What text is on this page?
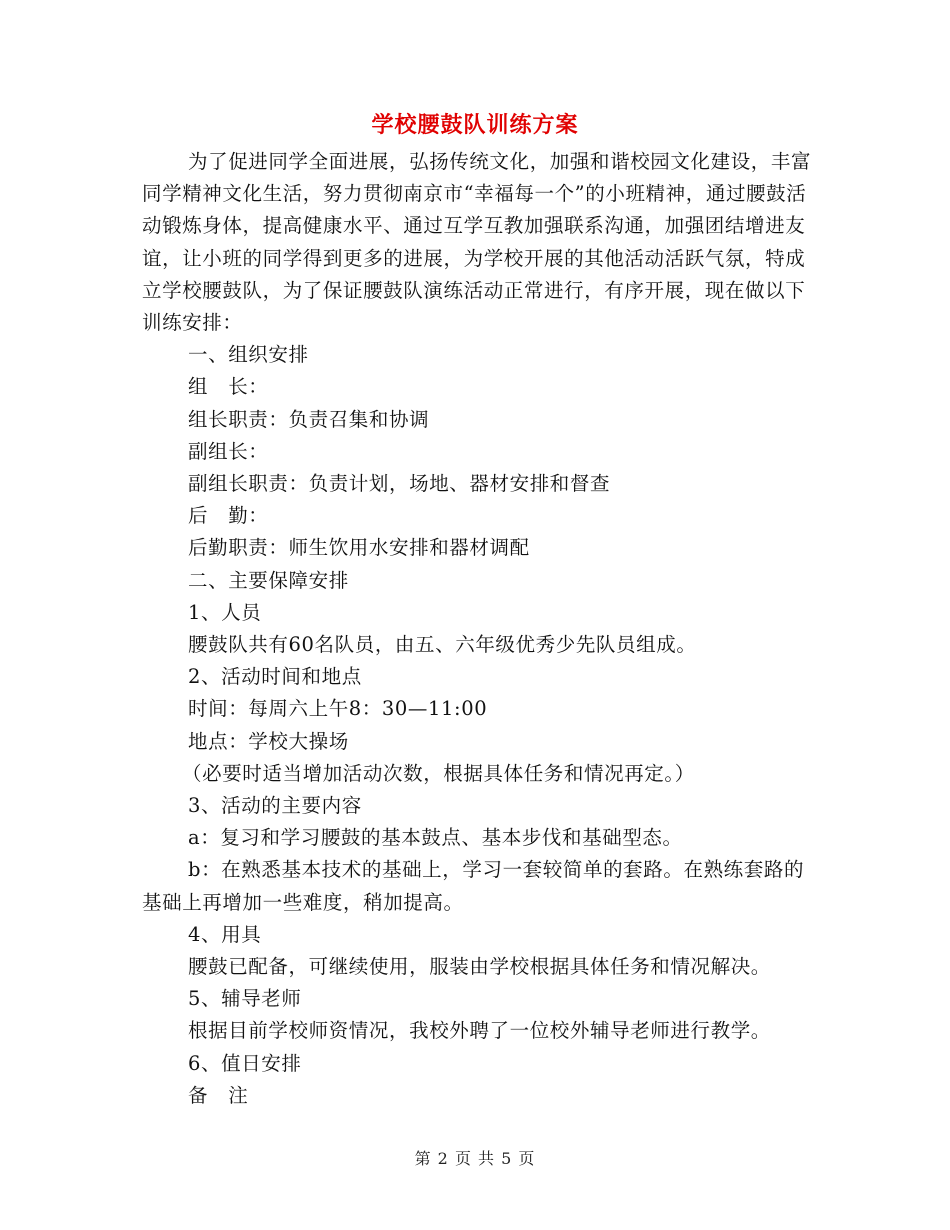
学校腰鼓队训练方案

为了促进同学全面进展，弘扬传统文化，加强和谐校园文化建设，丰富同学精神文化生活，努力贯彻南京市“幸福每一个”的小班精神，通过腰鼓活动锻炼身体，提高健康水平、通过互学互教加强联系沟通，加强团结增进友谊，让小班的同学得到更多的进展，为学校开展的其他活动活跃气氛，特成立学校腰鼓队，为了保证腰鼓队演练活动正常进行，有序开展，现在做以下训练安排：

一、组织安排

组　长：

组长职责：负责召集和协调

副组长：

副组长职责：负责计划，场地、器材安排和督查

后　勤：

后勤职责：师生饮用水安排和器材调配

二、主要保障安排

1、人员

腰鼓队共有60名队员，由五、六年级优秀少先队员组成。

2、活动时间和地点

时间：每周六上午8：30—11:00

地点：学校大操场

（必要时适当增加活动次数，根据具体任务和情况再定。）

3、活动的主要内容

a：复习和学习腰鼓的基本鼓点、基本步伐和基础型态。

b：在熟悉基本技术的基础上，学习一套较简单的套路。在熟练套路的基础上再增加一些难度，稍加提高。

4、用具

腰鼓已配备，可继续使用，服装由学校根据具体任务和情况解决。

5、辅导老师

根据目前学校师资情况，我校外聘了一位校外辅导老师进行教学。

6、值日安排

备　注

第 2 页 共 5 页
